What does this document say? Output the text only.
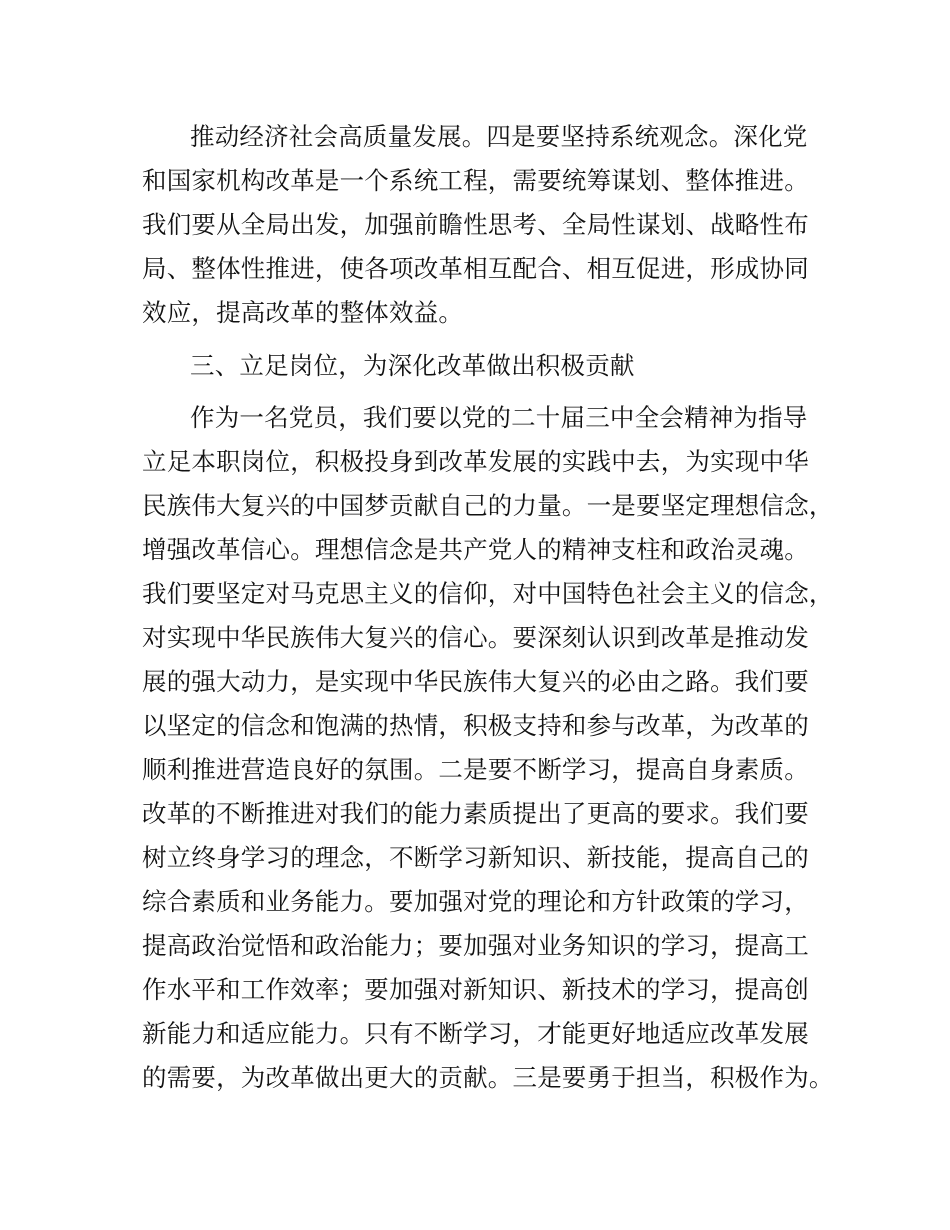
推动经济社会高质量发展。四是要坚持系统观念。深化党
和国家机构改革是一个系统工程，需要统筹谋划、整体推进。
我们要从全局出发，加强前瞻性思考、全局性谋划、战略性布
局、整体性推进，使各项改革相互配合、相互促进，形成协同
效应，提高改革的整体效益。
三、立足岗位，为深化改革做出积极贡献
作为一名党员，我们要以党的二十届三中全会精神为指导
立足本职岗位，积极投身到改革发展的实践中去，为实现中华
民族伟大复兴的中国梦贡献自己的力量。一是要坚定理想信念，
增强改革信心。理想信念是共产党人的精神支柱和政治灵魂。
我们要坚定对马克思主义的信仰，对中国特色社会主义的信念，
对实现中华民族伟大复兴的信心。要深刻认识到改革是推动发
展的强大动力，是实现中华民族伟大复兴的必由之路。我们要
以坚定的信念和饱满的热情，积极支持和参与改革，为改革的
顺利推进营造良好的氛围。二是要不断学习，提高自身素质。
改革的不断推进对我们的能力素质提出了更高的要求。我们要
树立终身学习的理念，不断学习新知识、新技能，提高自己的
综合素质和业务能力。要加强对党的理论和方针政策的学习，
提高政治觉悟和政治能力；要加强对业务知识的学习，提高工
作水平和工作效率；要加强对新知识、新技术的学习，提高创
新能力和适应能力。只有不断学习，才能更好地适应改革发展
的需要，为改革做出更大的贡献。三是要勇于担当，积极作为。
